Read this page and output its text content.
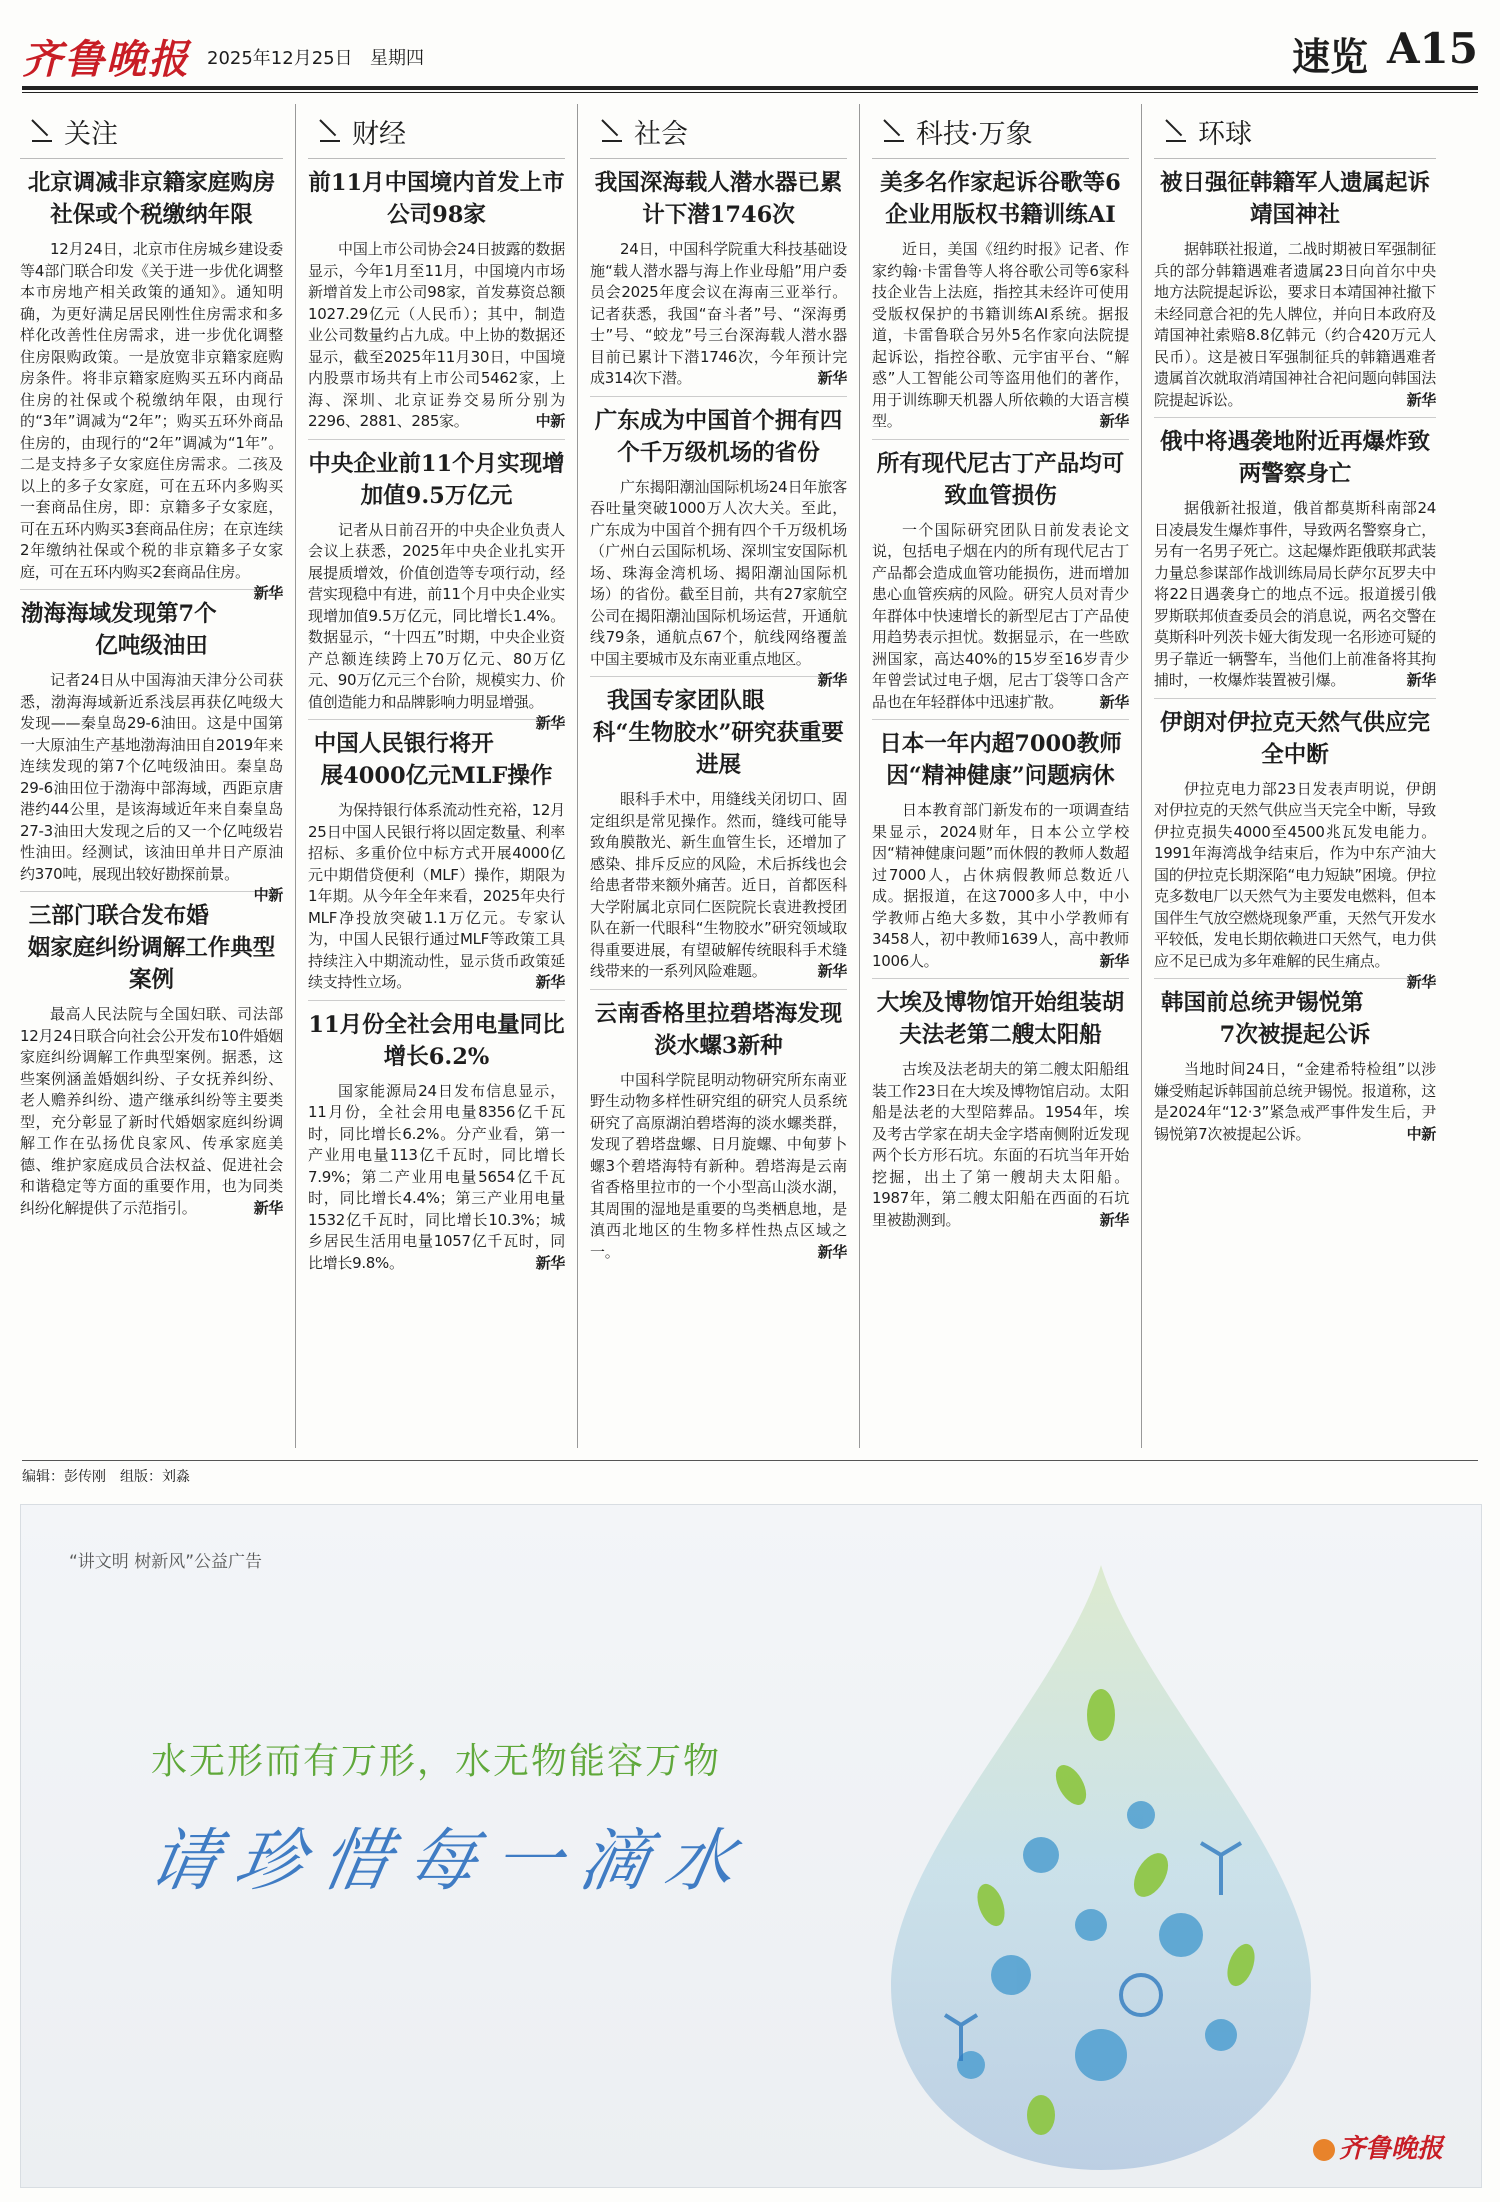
齐鲁晚报 2025年12月25日 星期四	速览 A15
关注
北京调减非京籍家庭购房社保或个税缴纳年限

12月24日，北京市住房城乡建设委等4部门联合印发《关于进一步优化调整本市房地产相关政策的通知》。通知明确，为更好满足居民刚性住房需求和多样化改善性住房需求，进一步优化调整住房限购政策。一是放宽非京籍家庭购房条件。将非京籍家庭购买五环内商品住房的社保或个税缴纳年限，由现行的“3年”调减为“2年”；购买五环外商品住房的，由现行的“2年”调减为“1年”。二是支持多子女家庭住房需求。二孩及以上的多子女家庭，可在五环内多购买一套商品住房，即：京籍多子女家庭，可在五环内购买3套商品住房；在京连续2年缴纳社保或个税的非京籍多子女家庭，可在五环内购买2套商品住房。
新华

渤海海域发现第7个亿吨级油田

记者24日从中国海油天津分公司获悉，渤海海域新近系浅层再获亿吨级大发现——秦皇岛29-6油田。这是中国第一大原油生产基地渤海油田自2019年来连续发现的第7个亿吨级油田。秦皇岛29-6油田位于渤海中部海域，西距京唐港约44公里，是该海域近年来自秦皇岛27-3油田大发现之后的又一个亿吨级岩性油田。经测试，该油田单井日产原油约370吨，展现出较好勘探前景。
中新

三部门联合发布婚姻家庭纠纷调解工作典型案例

最高人民法院与全国妇联、司法部12月24日联合向社会公开发布10件婚姻家庭纠纷调解工作典型案例。据悉，这些案例涵盖婚姻纠纷、子女抚养纠纷、老人赡养纠纷、遗产继承纠纷等主要类型，充分彰显了新时代婚姻家庭纠纷调解工作在弘扬优良家风、传承家庭美德、维护家庭成员合法权益、促进社会和谐稳定等方面的重要作用，也为同类纠纷化解提供了示范指引。	新华

财经
前11月中国境内首发上市公司98家

中国上市公司协会24日披露的数据显示，今年1月至11月，中国境内市场新增首发上市公司98家，首发募资总额1027.29亿元（人民币）；其中，制造业公司数量约占九成。中上协的数据还显示，截至2025年11月30日，中国境内股票市场共有上市公司5462家，上海、深圳、北京证券交易所分别为2296、2881、285家。	中新

中央企业前11个月实现增加值9.5万亿元

记者从日前召开的中央企业负责人会议上获悉，2025年中央企业扎实开展提质增效，价值创造等专项行动，经营实现稳中有进，前11个月中央企业实现增加值9.5万亿元，同比增长1.4%。数据显示，“十四五”时期，中央企业资产总额连续跨上70万亿元、80万亿元、90万亿元三个台阶，规模实力、价值创造能力和品牌影响力明显增强。
新华

中国人民银行将开展4000亿元MLF操作

为保持银行体系流动性充裕，12月25日中国人民银行将以固定数量、利率招标、多重价位中标方式开展4000亿元中期借贷便利（MLF）操作，期限为1年期。从今年全年来看，2025年央行MLF净投放突破1.1万亿元。专家认为，中国人民银行通过MLF等政策工具持续注入中期流动性，显示货币政策延续支持性立场。	新华

11月份全社会用电量同比增长6.2%

国家能源局24日发布信息显示，11月份，全社会用电量8356亿千瓦时，同比增长6.2%。分产业看，第一产业用电量113亿千瓦时，同比增长7.9%；第二产业用电量5654亿千瓦时，同比增长4.4%；第三产业用电量1532亿千瓦时，同比增长10.3%；城乡居民生活用电量1057亿千瓦时，同比增长9.8%。	新华

社会
我国深海载人潜水器已累计下潜1746次

24日，中国科学院重大科技基础设施“载人潜水器与海上作业母船”用户委员会2025年度会议在海南三亚举行。记者获悉，我国“奋斗者”号、“深海勇士”号、“蛟龙”号三台深海载人潜水器目前已累计下潜1746次，今年预计完成314次下潜。	新华

广东成为中国首个拥有四个千万级机场的省份

广东揭阳潮汕国际机场24日年旅客吞吐量突破1000万人次大关。至此，广东成为中国首个拥有四个千万级机场（广州白云国际机场、深圳宝安国际机场、珠海金湾机场、揭阳潮汕国际机场）的省份。截至目前，共有27家航空公司在揭阳潮汕国际机场运营，开通航线79条，通航点67个，航线网络覆盖中国主要城市及东南亚重点地区。
新华

我国专家团队眼科“生物胶水”研究获重要进展

眼科手术中，用缝线关闭切口、固定组织是常见操作。然而，缝线可能导致角膜散光、新生血管生长，还增加了感染、排斥反应的风险，术后拆线也会给患者带来额外痛苦。近日，首都医科大学附属北京同仁医院院长袁进教授团队在新一代眼科“生物胶水”研究领域取得重要进展，有望破解传统眼科手术缝线带来的一系列风险难题。	新华

云南香格里拉碧塔海发现淡水螺3新种

中国科学院昆明动物研究所东南亚野生动物多样性研究组的研究人员系统研究了高原湖泊碧塔海的淡水螺类群，发现了碧塔盘螺、日月旋螺、中甸萝卜螺3个碧塔海特有新种。碧塔海是云南省香格里拉市的一个小型高山淡水湖，其周围的湿地是重要的鸟类栖息地，是滇西北地区的生物多样性热点区域之一。	新华

科技·万象
美多名作家起诉谷歌等6企业用版权书籍训练AI

近日，美国《纽约时报》记者、作家约翰·卡雷鲁等人将谷歌公司等6家科技企业告上法庭，指控其未经许可使用受版权保护的书籍训练AI系统。据报道，卡雷鲁联合另外5名作家向法院提起诉讼，指控谷歌、元宇宙平台、“解惑”人工智能公司等盗用他们的著作，用于训练聊天机器人所依赖的大语言模型。	新华

所有现代尼古丁产品均可致血管损伤

一个国际研究团队日前发表论文说，包括电子烟在内的所有现代尼古丁产品都会造成血管功能损伤，进而增加患心血管疾病的风险。研究人员对青少年群体中快速增长的新型尼古丁产品使用趋势表示担忧。数据显示，在一些欧洲国家，高达40%的15岁至16岁青少年曾尝试过电子烟，尼古丁袋等口含产品也在年轻群体中迅速扩散。	新华

日本一年内超7000教师因“精神健康”问题病休

日本教育部门新发布的一项调查结果显示，2024财年，日本公立学校因“精神健康问题”而休假的教师人数超过7000人，占休病假教师总数近八成。据报道，在这7000多人中，中小学教师占绝大多数，其中小学教师有3458人，初中教师1639人，高中教师1006人。	新华

大埃及博物馆开始组装胡夫法老第二艘太阳船

古埃及法老胡夫的第二艘太阳船组装工作23日在大埃及博物馆启动。太阳船是法老的大型陪葬品。1954年，埃及考古学家在胡夫金字塔南侧附近发现两个长方形石坑。东面的石坑当年开始挖掘，出土了第一艘胡夫太阳船。1987年，第二艘太阳船在西面的石坑里被勘测到。	新华

环球
被日强征韩籍军人遗属起诉靖国神社

据韩联社报道，二战时期被日军强制征兵的部分韩籍遇难者遗属23日向首尔中央地方法院提起诉讼，要求日本靖国神社撤下未经同意合祀的先人牌位，并向日本政府及靖国神社索赔8.8亿韩元（约合420万元人民币）。这是被日军强制征兵的韩籍遇难者遗属首次就取消靖国神社合祀问题向韩国法院提起诉讼。	新华

俄中将遇袭地附近再爆炸致两警察身亡

据俄新社报道，俄首都莫斯科南部24日凌晨发生爆炸事件，导致两名警察身亡，另有一名男子死亡。这起爆炸距俄联邦武装力量总参谋部作战训练局局长萨尔瓦罗夫中将22日遇袭身亡的地点不远。报道援引俄罗斯联邦侦查委员会的消息说，两名交警在莫斯科叶列茨卡娅大街发现一名形迹可疑的男子靠近一辆警车，当他们上前准备将其拘捕时，一枚爆炸装置被引爆。	新华

伊朗对伊拉克天然气供应完全中断

伊拉克电力部23日发表声明说，伊朗对伊拉克的天然气供应当天完全中断，导致伊拉克损失4000至4500兆瓦发电能力。1991年海湾战争结束后，作为中东产油大国的伊拉克长期深陷“电力短缺”困境。伊拉克多数电厂以天然气为主要发电燃料，但本国伴生气放空燃烧现象严重，天然气开发水平较低，发电长期依赖进口天然气，电力供应不足已成为多年难解的民生痛点。
新华

韩国前总统尹锡悦第7次被提起公诉

当地时间24日，“金建希特检组”以涉嫌受贿起诉韩国前总统尹锡悦。报道称，这是2024年“12·3”紧急戒严事件发生后，尹锡悦第7次被提起公诉。	中新

编辑：彭传刚　组版：刘淼
“讲文明 树新风”公益广告
水无形而有万形，水无物能容万物
请珍惜每一滴水
齐鲁晚报
